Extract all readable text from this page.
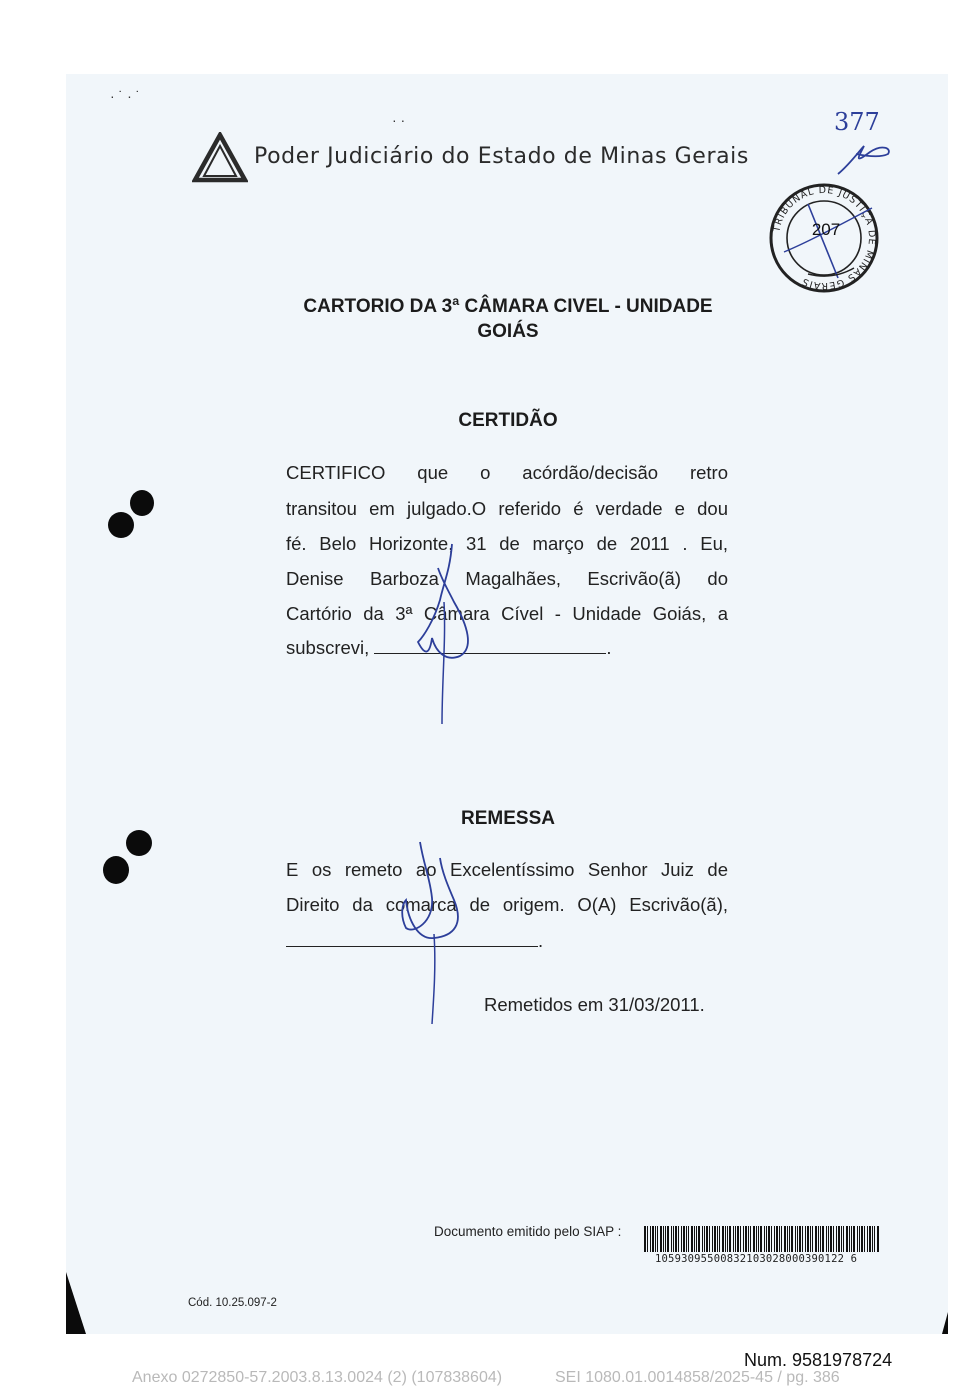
· ˙ · ˙
· ·
Poder Judiciário do Estado de Minas Gerais
377
TRIBUNAL DE JUSTIÇA DE MINAS GERAIS
207
CARTORIO DA 3ª CÂMARA CIVEL - UNIDADE
GOIÁS
CERTIDÃO
CERTIFICO que o acórdão/decisão retro
transitou em julgado.O referido é verdade e dou
fé. Belo Horizonte, 31 de março de 2011 . Eu,
Denise Barboza Magalhães, Escrivão(ã) do
Cartório da 3ª Câmara Cível - Unidade Goiás, a
subscrevi,	.
REMESSA
E os remeto ao Excelentíssimo Senhor Juiz de
Direito da comarca de origem. O(A) Escrivão(ã),
.
Remetidos em 31/03/2011.
Documento emitido pelo SIAP :
10593095500832103028000390122 6
Cód. 10.25.097-2
Num. 9581978724
Anexo 0272850-57.2003.8.13.0024 (2) (107838604)	SEI 1080.01.0014858/2025-45 / pg. 386
